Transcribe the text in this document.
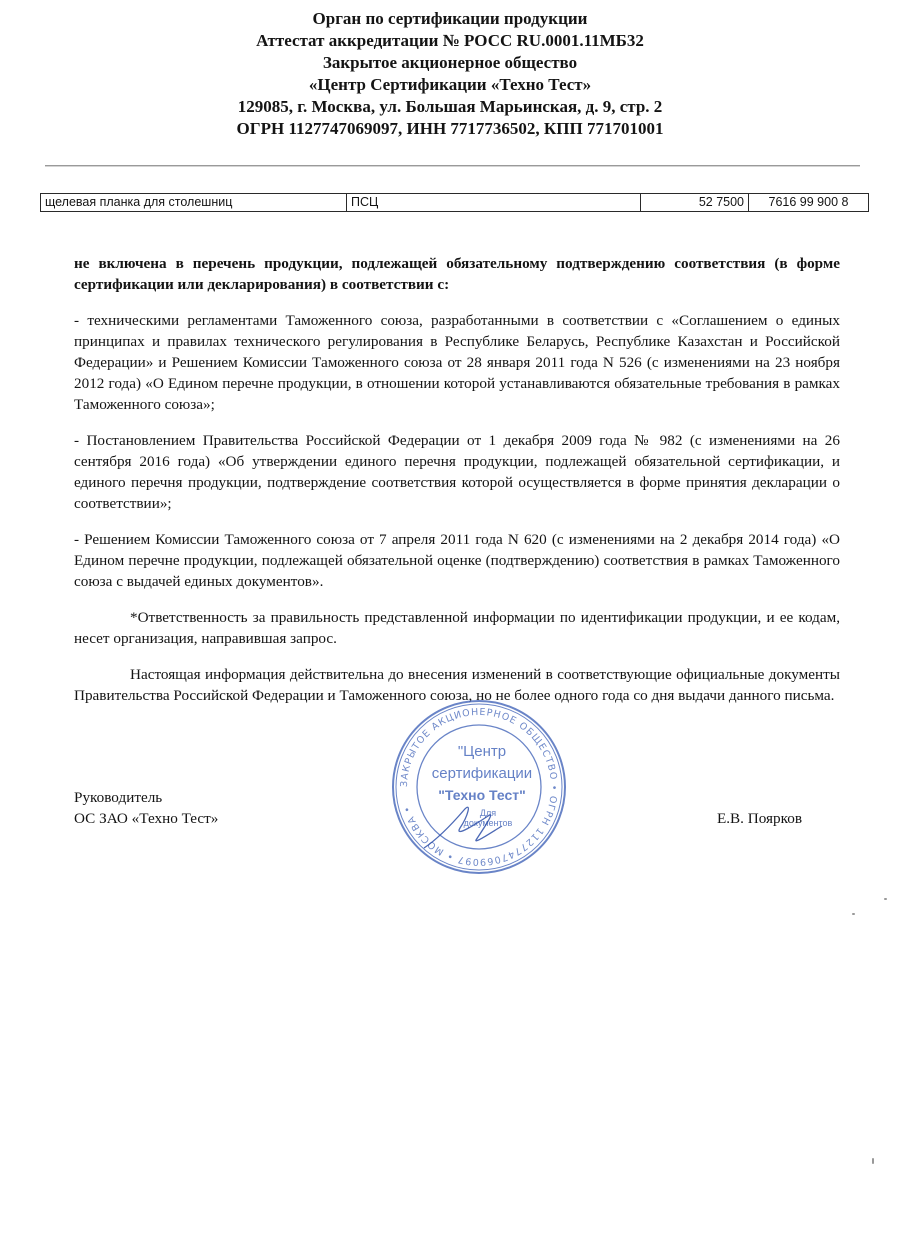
Орган по сертификации продукции
Аттестат аккредитации № РОСС RU.0001.11МБ32
Закрытое акционерное общество
«Центр Сертификации «Техно Тест»
129085, г. Москва, ул. Большая Марьинская, д. 9, стр. 2
ОГРН 1127747069097, ИНН 7717736502, КПП 771701001
щелевая планка для столешниц	ПСЦ	52 7500	7616 99 900 8

не включена в перечень продукции, подлежащей обязательному подтверждению соответствия (в форме сертификации или декларирования) в соответствии с:

- техническими регламентами Таможенного союза, разработанными в соответствии с «Соглашением о единых принципах и правилах технического регулирования в Республике Беларусь, Республике Казахстан и Российской Федерации» и Решением Комиссии Таможенного союза от 28 января 2011 года N 526 (с изменениями на 23 ноября 2012 года) «О Едином перечне продукции, в отношении которой устанавливаются обязательные требования в рамках Таможенного союза»;

- Постановлением Правительства Российской Федерации от 1 декабря 2009 года № 982 (с изменениями на 26 сентября 2016 года) «Об утверждении единого перечня продукции, подлежащей обязательной сертификации, и единого перечня продукции, подтверждение соответствия которой осуществляется в форме принятия декларации о соответствии»;

- Решением Комиссии Таможенного союза от 7 апреля 2011 года N 620 (с изменениями на 2 декабря 2014 года) «О Едином перечне продукции, подлежащей обязательной оценке (подтверждению) соответствия в рамках Таможенного союза с выдачей единых документов».

*Ответственность за правильность представленной информации по идентификации продукции, и ее кодам, несет организация, направившая запрос.

Настоящая информация действительна до внесения изменений в соответствующие официальные документы Правительства Российской Федерации и Таможенного союза, но не более одного года со дня выдачи данного письма.

Руководитель
ОС ЗАО «Техно Тест»	Е.В. Поярков
ЗАКРЫТОЕ АКЦИОНЕРНОЕ ОБЩЕСТВО • ОГРН 1127747069097 • МОСКВА •
"Центр
сертификации
"Техно Тест"
Для
документов
